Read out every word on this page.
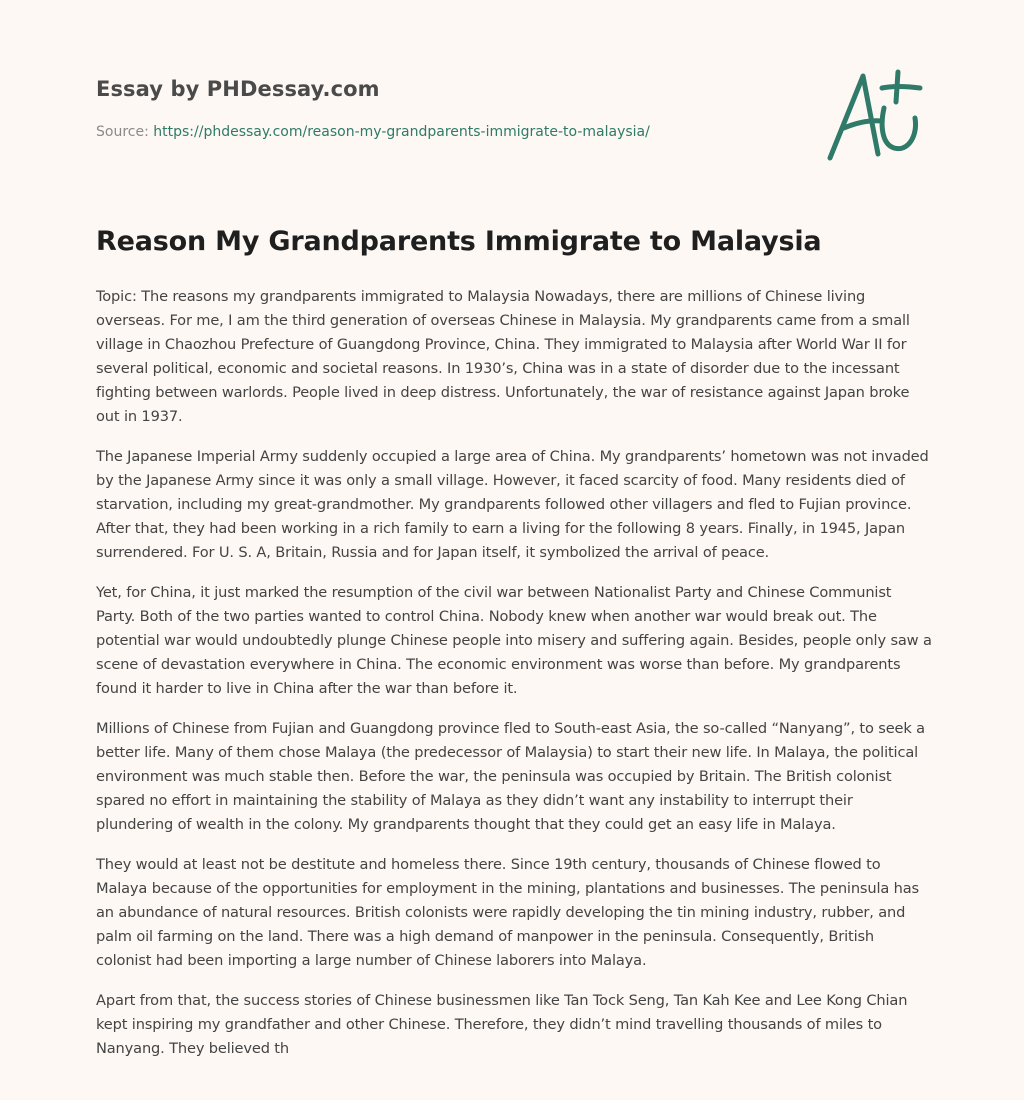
Essay by PHDessay.com
Source: https://phdessay.com/reason-my-grandparents-immigrate-to-malaysia/
Reason My Grandparents Immigrate to Malaysia

Topic: The reasons my grandparents immigrated to Malaysia Nowadays, there are millions of Chinese living overseas. For me, I am the third generation of overseas Chinese in Malaysia. My grandparents came from a small village in Chaozhou Prefecture of Guangdong Province, China. They immigrated to Malaysia after World War II for several political, economic and societal reasons. In 1930’s, China was in a state of disorder due to the incessant fighting between warlords. People lived in deep distress. Unfortunately, the war of resistance against Japan broke out in 1937.

The Japanese Imperial Army suddenly occupied a large area of China. My grandparents’ hometown was not invaded by the Japanese Army since it was only a small village. However, it faced scarcity of food. Many residents died of starvation, including my great-grandmother. My grandparents followed other villagers and fled to Fujian province. After that, they had been working in a rich family to earn a living for the following 8 years. Finally, in 1945, Japan surrendered. For U. S. A, Britain, Russia and for Japan itself, it symbolized the arrival of peace.

Yet, for China, it just marked the resumption of the civil war between Nationalist Party and Chinese Communist Party. Both of the two parties wanted to control China. Nobody knew when another war would break out. The potential war would undoubtedly plunge Chinese people into misery and suffering again. Besides, people only saw a scene of devastation everywhere in China. The economic environment was worse than before. My grandparents found it harder to live in China after the war than before it.

Millions of Chinese from Fujian and Guangdong province fled to South-east Asia, the so-called “Nanyang”, to seek a better life. Many of them chose Malaya (the predecessor of Malaysia) to start their new life. In Malaya, the political environment was much stable then. Before the war, the peninsula was occupied by Britain. The British colonist spared no effort in maintaining the stability of Malaya as they didn’t want any instability to interrupt their plundering of wealth in the colony. My grandparents thought that they could get an easy life in Malaya.

They would at least not be destitute and homeless there. Since 19th century, thousands of Chinese flowed to Malaya because of the opportunities for employment in the mining, plantations and businesses. The peninsula has an abundance of natural resources. British colonists were rapidly developing the tin mining industry, rubber, and palm oil farming on the land. There was a high demand of manpower in the peninsula. Consequently, British colonist had been importing a large number of Chinese laborers into Malaya.

Apart from that, the success stories of Chinese businessmen like Tan Tock Seng, Tan Kah Kee and Lee Kong Chian kept inspiring my grandfather and other Chinese. Therefore, they didn’t mind travelling thousands of miles to Nanyang. They believed th
